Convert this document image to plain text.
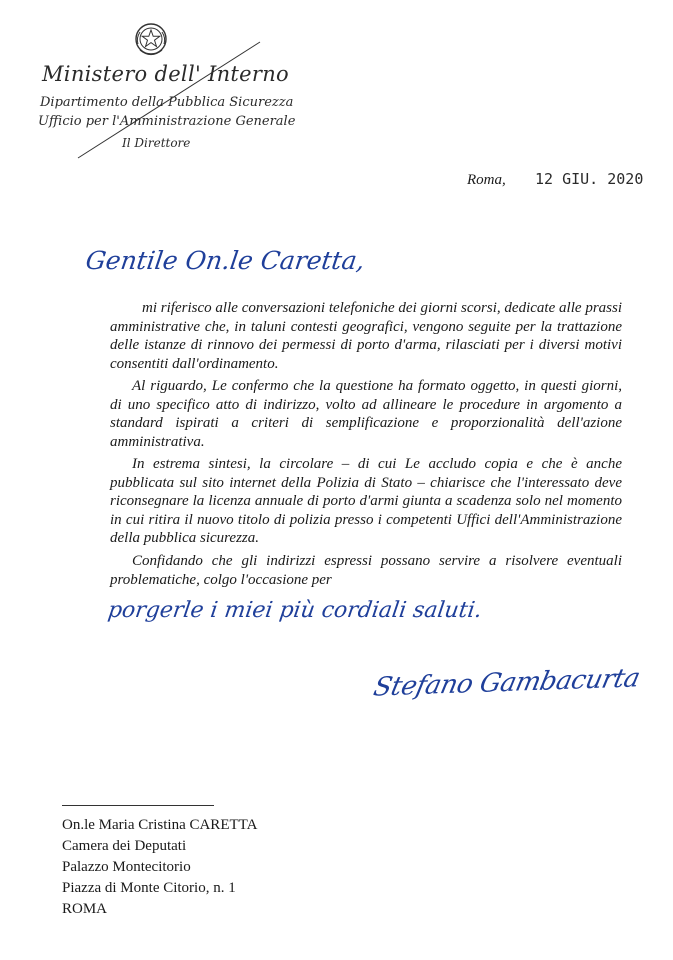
Ministero dell' Interno
Dipartimento della Pubblica Sicurezza
Ufficio per l'Amministrazione Generale
Il Direttore
Roma, 12 GIU. 2020
Gentile On.le Caretta,

mi riferisco alle conversazioni telefoniche dei giorni scorsi, dedicate alle prassi amministrative che, in taluni contesti geografici, vengono seguite per la trattazione delle istanze di rinnovo dei permessi di porto d'arma, rilasciati per i diversi motivi consentiti dall'ordinamento.

Al riguardo, Le confermo che la questione ha formato oggetto, in questi giorni, di uno specifico atto di indirizzo, volto ad allineare le procedure in argomento a standard ispirati a criteri di semplificazione e proporzionalità dell'azione amministrativa.

In estrema sintesi, la circolare – di cui Le accludo copia e che è anche pubblicata sul sito internet della Polizia di Stato – chiarisce che l'interessato deve riconsegnare la licenza annuale di porto d'armi giunta a scadenza solo nel momento in cui ritira il nuovo titolo di polizia presso i competenti Uffici dell'Amministrazione della pubblica sicurezza.

Confidando che gli indirizzi espressi possano servire a risolvere eventuali problematiche, colgo l'occasione per

porgerle i miei più cordiali saluti.
Stefano Gambacurta
On.le Maria Cristina CARETTA
Camera dei Deputati
Palazzo Montecitorio
Piazza di Monte Citorio, n. 1
ROMA
